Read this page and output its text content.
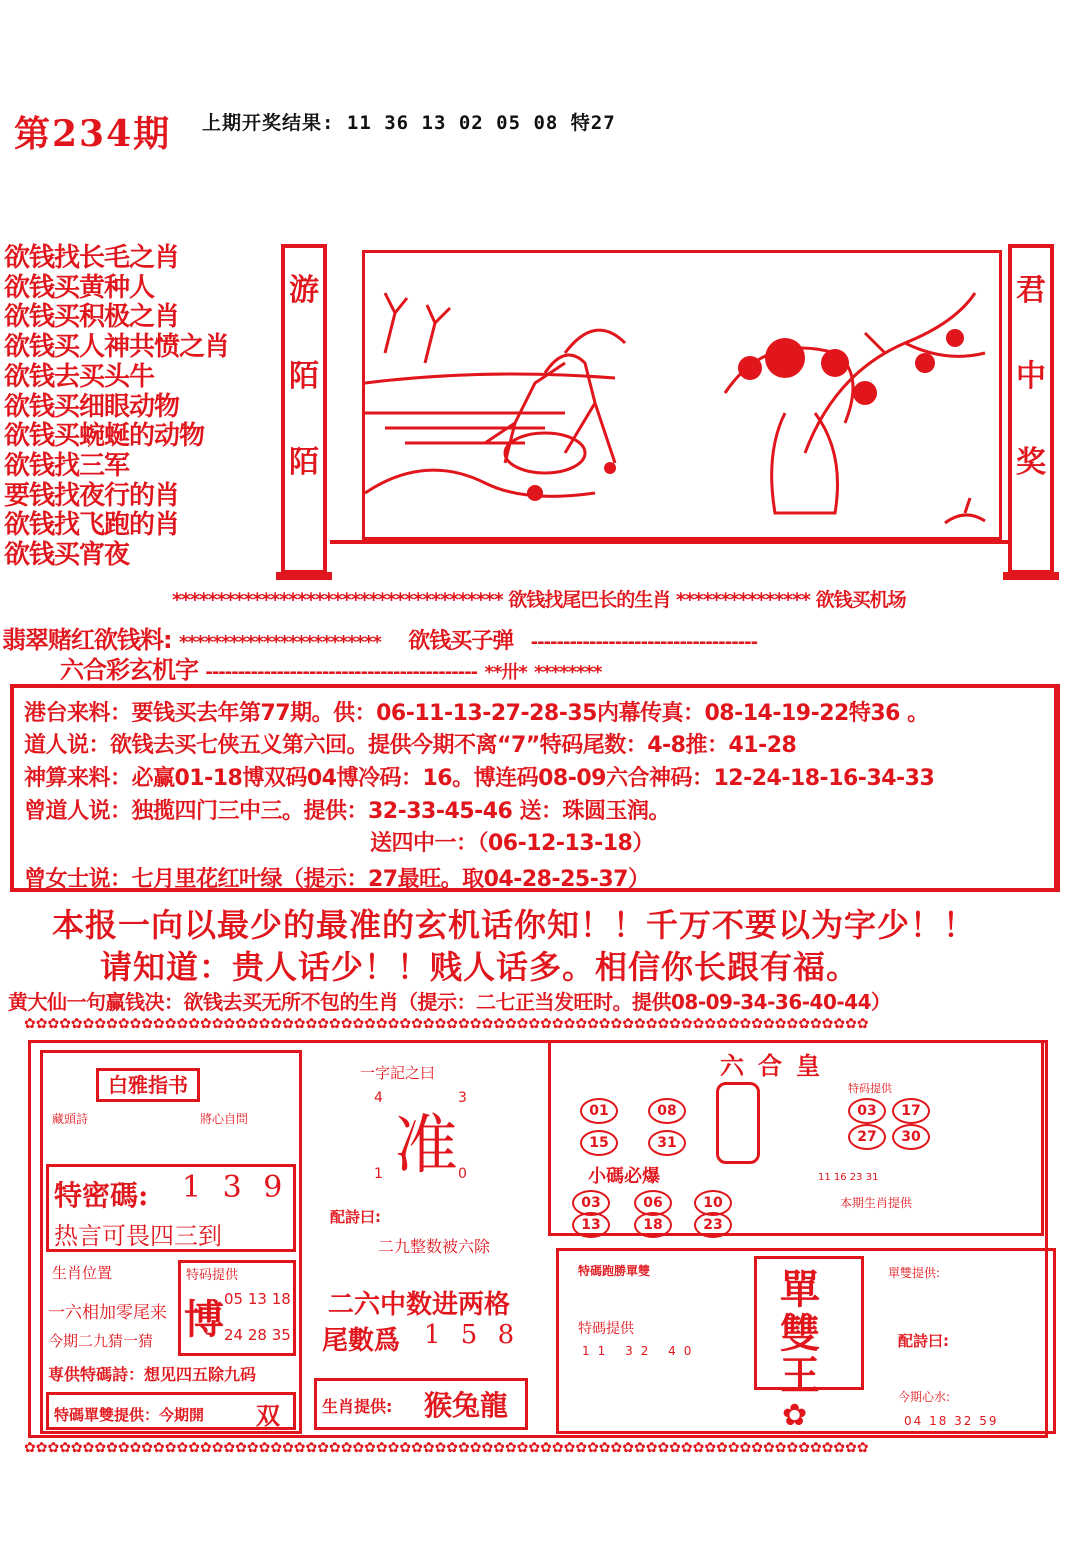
第234期 上期开奖结果: 11 36 13 02 05 08 特27
欲钱找长毛之肖
欲钱买黄种人
欲钱买积极之肖
欲钱买人神共愤之肖
欲钱去买头牛
欲钱买细眼动物
欲钱买蜿蜒的动物
欲钱找三军
要钱找夜行的肖
欲钱找飞跑的肖
欲钱买宵夜
游
陌
陌
君
中
奖
************************************* 欲钱找尾巴长的生肖 *************** 欲钱买机场
翡翠赌红欲钱料: ************************ 欲钱买子弹 -----------------------------------
六合彩玄机字 ------------------------------------------ **卅* ********
港台来料：要钱买去年第77期。供：06-11-13-27-28-35内幕传真：08-14-19-22特36 。
道人说：欲钱去买七侠五义第六回。提供今期不离“7”特码尾数：4-8推：41-28
神算来料：必赢01-18博双码04博冷码：16。博连码08-09六合神码：12-24-18-16-34-33
曾道人说：独揽四门三中三。提供：32-33-45-46 送：珠圆玉润。
送四中一：（06-12-13-18）
曾女士说：七月里花红叶绿（提示：27最旺。取04-28-25-37）
本报一向以最少的最准的玄机话你知！！千万不要以为字少！！
请知道：贵人话少！！贱人话多。相信你长跟有福。
黄大仙一句赢钱决：欲钱去买无所不包的生肖（提示：二七正当发旺时。提供08-09-34-36-40-44）
✿✿✿✿✿✿✿✿✿✿✿✿✿✿✿✿✿✿✿✿✿✿✿✿✿✿✿✿✿✿✿✿✿✿✿✿✿✿✿✿✿✿✿✿✿✿✿✿✿✿✿✿✿✿✿✿✿✿✿✿✿✿✿✿✿✿✿✿✿✿✿✿
✿✿✿✿✿✿✿✿✿✿✿✿✿✿✿✿✿✿✿✿✿✿✿✿✿✿✿✿✿✿✿✿✿✿✿✿✿✿✿✿✿✿✿✿✿✿✿✿✿✿✿✿✿✿✿✿✿✿✿✿✿✿✿✿✿✿✿✿✿✿✿✿
白雅指书
藏頭詩	將心自問
特密碼: 1 3 9
热言可畏四三到
生肖位置
一六相加零尾来
今期二九猜一猜
特码提供
博 05 13 18
24 28 35
専供特碼詩：想见四五除九码
特碼單雙提供：今期開 双
一字記之曰
4	3
准
1	0
配詩曰:
二九整数被六除
二六中数进两格
尾數爲 1 5 8
生肖提供: 猴兔龍
六合皇
01	08
15	31
特码提供
03	17
27	30
小碼必爆	11 16 23 31
03	06	10
13	18	23
本期生肖提供
特碼跑勝單雙
特碼提供
11 32 40
單
雙
王
✿
單雙提供:
配詩曰:
今期心水:
04 18 32 59
